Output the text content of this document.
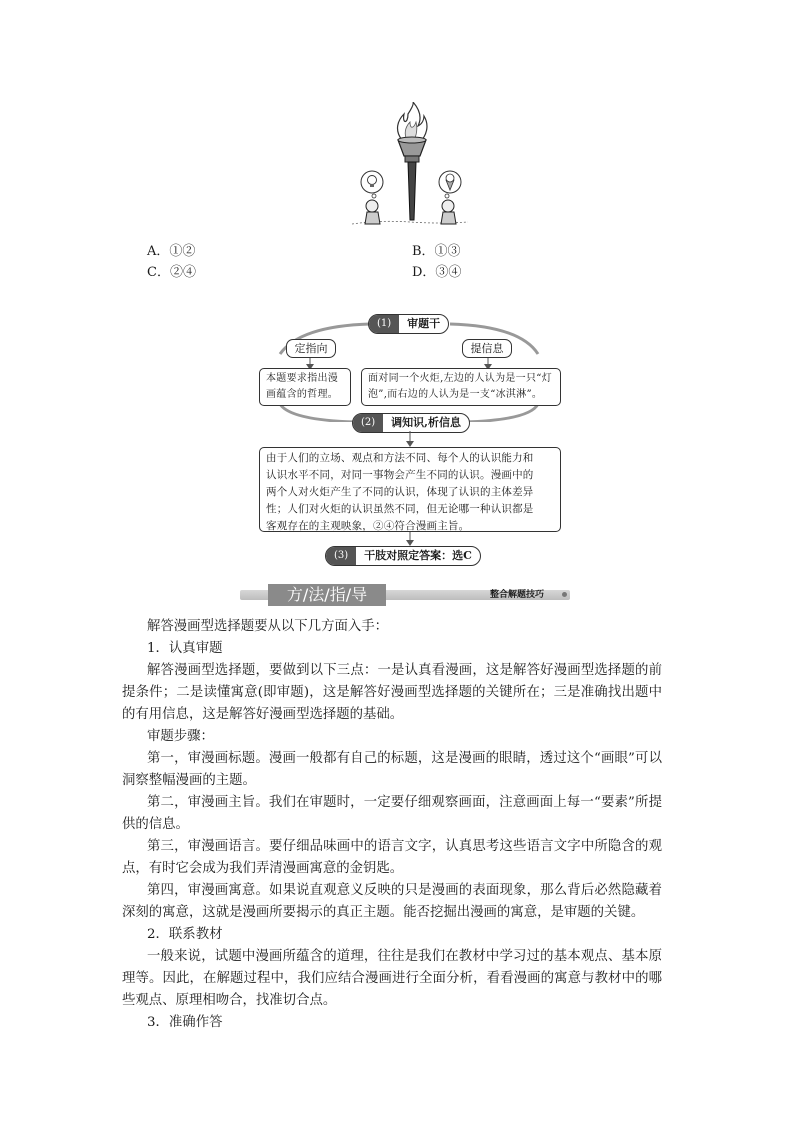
A．①②	B．①③
C．②④	D．③④
(1)	审题干
定指向	提信息
本题要求指出漫画蕴含的哲理。
面对同一个火炬,左边的人认为是一只“灯泡”,而右边的人认为是一支“冰淇淋”。
(2)	调知识,析信息
由于人们的立场、观点和方法不同、每个人的认识能力和
认识水平不同，对同一事物会产生不同的认识。漫画中的
两个人对火炬产生了不同的认识，体现了认识的主体差异
性；人们对火炬的认识虽然不同，但无论哪一种认识都是
客观存在的主观映象，②④符合漫画主旨。
(3)	干肢对照定答案：选C
方/法/指/导	整合解题技巧
解答漫画型选择题要从以下几方面入手：
1．认真审题
解答漫画型选择题，要做到以下三点：一是认真看漫画，这是解答好漫画型选择题的前提条件；二是读懂寓意(即审题)，这是解答好漫画型选择题的关键所在；三是准确找出题中的有用信息，这是解答好漫画型选择题的基础。
审题步骤：
第一，审漫画标题。漫画一般都有自己的标题，这是漫画的眼睛，透过这个“画眼”可以洞察整幅漫画的主题。
第二，审漫画主旨。我们在审题时，一定要仔细观察画面，注意画面上每一“要素”所提供的信息。
第三，审漫画语言。要仔细品味画中的语言文字，认真思考这些语言文字中所隐含的观点，有时它会成为我们弄清漫画寓意的金钥匙。
第四，审漫画寓意。如果说直观意义反映的只是漫画的表面现象，那么背后必然隐藏着深刻的寓意，这就是漫画所要揭示的真正主题。能否挖掘出漫画的寓意，是审题的关键。
2．联系教材
一般来说，试题中漫画所蕴含的道理，往往是我们在教材中学习过的基本观点、基本原理等。因此，在解题过程中，我们应结合漫画进行全面分析，看看漫画的寓意与教材中的哪些观点、原理相吻合，找准切合点。
3．准确作答
